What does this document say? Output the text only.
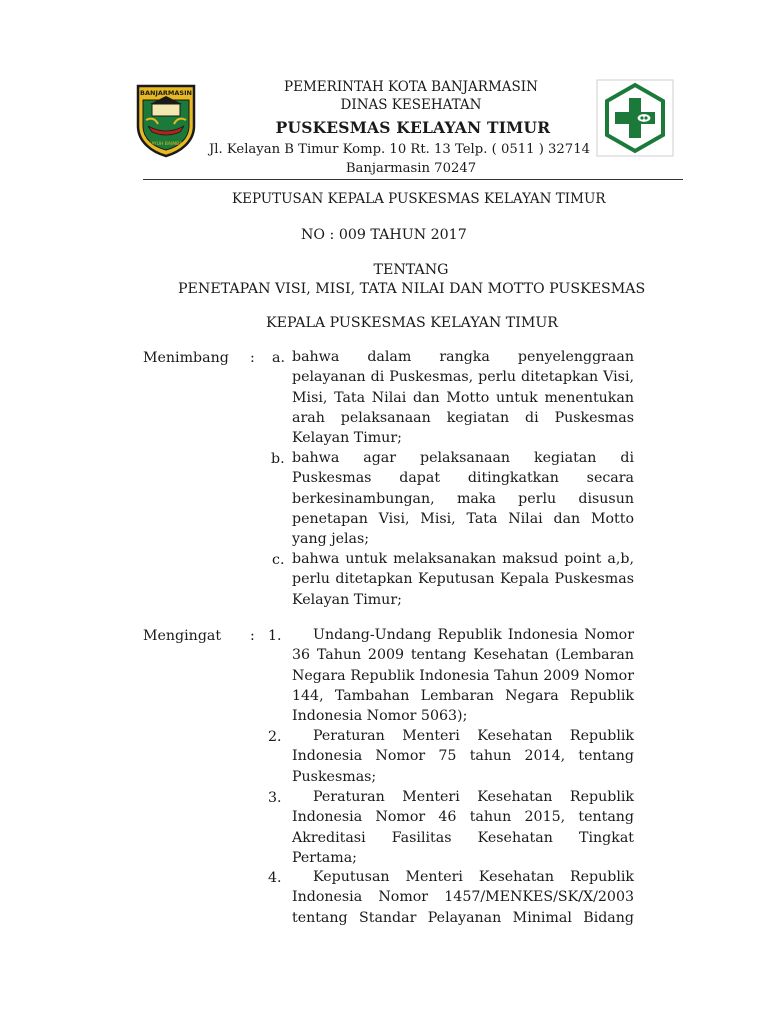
BANJARMASIN
KAYUH BAIMBAI
PEMERINTAH KOTA BANJARMASIN
DINAS KESEHATAN
PUSKESMAS KELAYAN TIMUR
Jl. Kelayan B Timur Komp. 10 Rt. 13 Telp. ( 0511 ) 32714
Banjarmasin 70247
KEPUTUSAN KEPALA PUSKESMAS KELAYAN TIMUR
NO : 009 TAHUN 2017
TENTANG
PENETAPAN VISI, MISI, TATA NILAI DAN MOTTO PUSKESMAS
KEPALA PUSKESMAS KELAYAN TIMUR
Menimbang : a. bahwa dalam rangka penyelenggraan pelayanan di Puskesmas, perlu ditetapkan Visi, Misi, Tata Nilai dan Motto untuk menentukan arah pelaksanaan kegiatan di Puskesmas Kelayan Timur;
b. bahwa agar pelaksanaan kegiatan di Puskesmas dapat ditingkatkan secara berkesinambungan, maka perlu disusun penetapan Visi, Misi, Tata Nilai dan Motto yang jelas;
c. bahwa untuk melaksanakan maksud point a,b, perlu ditetapkan Keputusan Kepala Puskesmas Kelayan Timur;
Mengingat : 1.	Undang-Undang Republik Indonesia Nomor 36 Tahun 2009 tentang Kesehatan (Lembaran Negara Republik Indonesia Tahun 2009 Nomor 144, Tambahan Lembaran Negara Republik Indonesia Nomor 5063);
2.	Peraturan Menteri Kesehatan Republik Indonesia Nomor 75 tahun 2014, tentang Puskesmas;
3.	Peraturan Menteri Kesehatan Republik Indonesia Nomor 46 tahun 2015, tentang Akreditasi Fasilitas Kesehatan Tingkat Pertama;
4.	Keputusan Menteri Kesehatan Republik Indonesia Nomor 1457/MENKES/SK/X/2003 tentang Standar Pelayanan Minimal Bidang
